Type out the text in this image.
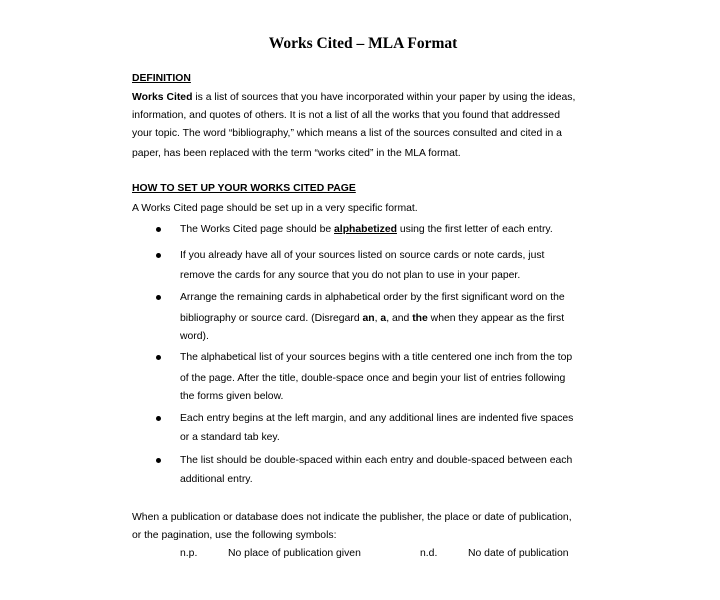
Works Cited – MLA Format
DEFINITION
Works Cited is a list of sources that you have incorporated within your paper by using the ideas,
information, and quotes of others. It is not a list of all the works that you found that addressed
your topic. The word “bibliography,” which means a list of the sources consulted and cited in a
paper, has been replaced with the term “works cited” in the MLA format.
HOW TO SET UP YOUR WORKS CITED PAGE
A Works Cited page should be set up in a very specific format.
The Works Cited page should be alphabetized using the first letter of each entry.
If you already have all of your sources listed on source cards or note cards, just
remove the cards for any source that you do not plan to use in your paper.
Arrange the remaining cards in alphabetical order by the first significant word on the
bibliography or source card. (Disregard an, a, and the when they appear as the first
word).
The alphabetical list of your sources begins with a title centered one inch from the top
of the page. After the title, double-space once and begin your list of entries following
the forms given below.
Each entry begins at the left margin, and any additional lines are indented five spaces
or a standard tab key.
The list should be double-spaced within each entry and double-spaced between each
additional entry.
When a publication or database does not indicate the publisher, the place or date of publication,
or the pagination, use the following symbols:
n.p.	No place of publication given	n.d.	No date of publication
